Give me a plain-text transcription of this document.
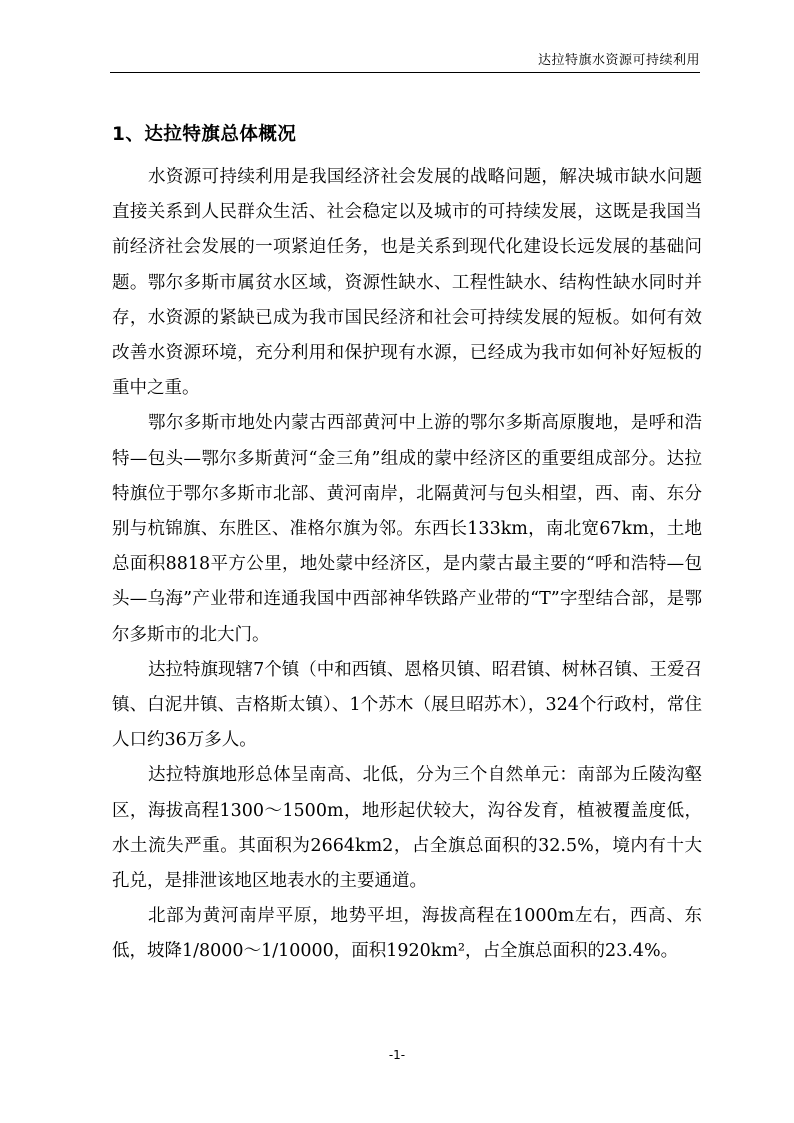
达拉特旗水资源可持续利用
1、达拉特旗总体概况

水资源可持续利用是我国经济社会发展的战略问题，解决城市缺水问题直接关系到人民群众生活、社会稳定以及城市的可持续发展，这既是我国当前经济社会发展的一项紧迫任务，也是关系到现代化建设长远发展的基础问题。鄂尔多斯市属贫水区域，资源性缺水、工程性缺水、结构性缺水同时并存，水资源的紧缺已成为我市国民经济和社会可持续发展的短板。如何有效改善水资源环境，充分利用和保护现有水源，已经成为我市如何补好短板的重中之重。

鄂尔多斯市地处内蒙古西部黄河中上游的鄂尔多斯高原腹地，是呼和浩特—包头—鄂尔多斯黄河“金三角”组成的蒙中经济区的重要组成部分。达拉特旗位于鄂尔多斯市北部、黄河南岸，北隔黄河与包头相望，西、南、东分别与杭锦旗、东胜区、准格尔旗为邻。东西长133km，南北宽67km，土地总面积8818平方公里，地处蒙中经济区，是内蒙古最主要的“呼和浩特—包头—乌海”产业带和连通我国中西部神华铁路产业带的“T”字型结合部，是鄂尔多斯市的北大门。

达拉特旗现辖7个镇（中和西镇、恩格贝镇、昭君镇、树林召镇、王爱召镇、白泥井镇、吉格斯太镇）、1个苏木（展旦昭苏木），324个行政村，常住人口约36万多人。

达拉特旗地形总体呈南高、北低，分为三个自然单元：南部为丘陵沟壑区，海拔高程1300～1500m，地形起伏较大，沟谷发育，植被覆盖度低，水土流失严重。其面积为2664km2，占全旗总面积的32.5%，境内有十大孔兑，是排泄该地区地表水的主要通道。

北部为黄河南岸平原，地势平坦，海拔高程在1000m左右，西高、东低，坡降1/8000～1/10000，面积1920km²，占全旗总面积的23.4%。

-1-
